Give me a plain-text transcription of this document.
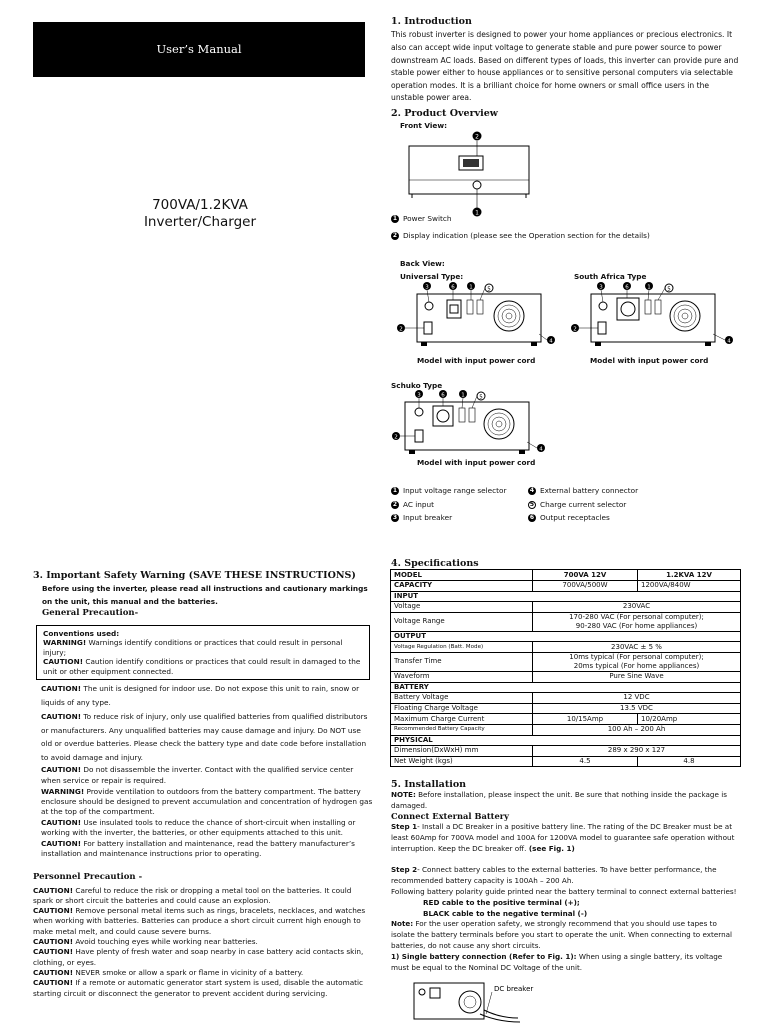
User’s Manual
700VA/1.2KVA
Inverter/Charger
3. Important Safety Warning (SAVE THESE INSTRUCTIONS)

Before using the inverter, please read all instructions and cautionary markings on the unit, this manual and the batteries.

General Precaution-
Conventions used:
WARNING! Warnings identify conditions or practices that could result in personal injury;
CAUTION! Caution identify conditions or practices that could result in damaged to the unit or other equipment connected.

CAUTION! The unit is designed for indoor use. Do not expose this unit to rain, snow or liquids of any type.

CAUTION! To reduce risk of injury, only use qualified batteries from qualified distributors or manufacturers. Any unqualified batteries may cause damage and injury. Do NOT use old or overdue batteries. Please check the battery type and date code before installation to avoid damage and injury.

CAUTION! Do not disassemble the inverter. Contact with the qualified service center when service or repair is required.

WARNING! Provide ventilation to outdoors from the battery compartment. The battery enclosure should be designed to prevent accumulation and concentration of hydrogen gas at the top of the compartment.

CAUTION! Use insulated tools to reduce the chance of short-circuit when installing or working with the inverter, the batteries, or other equipments attached to this unit.

CAUTION! For battery installation and maintenance, read the battery manufacturer’s installation and maintenance instructions prior to operating.

Personnel Precaution -

CAUTION! Careful to reduce the risk or dropping a metal tool on the batteries. It could spark or short circuit the batteries and could cause an explosion.

CAUTION! Remove personal metal items such as rings, bracelets, necklaces, and watches when working with batteries. Batteries can produce a short circuit current high enough to make metal melt, and could cause severe burns.

CAUTION! Avoid touching eyes while working near batteries.

CAUTION! Have plenty of fresh water and soap nearby in case battery acid contacts skin, clothing, or eyes.

CAUTION! NEVER smoke or allow a spark or flame in vicinity of a battery.

CAUTION! If a remote or automatic generator start system is used, disable the automatic starting circuit or disconnect the generator to prevent accident during servicing.

1. Introduction

This robust inverter is designed to power your home appliances or precious electronics. It also can accept wide input voltage to generate stable and pure power source to power downstream AC loads. Based on different types of loads, this inverter can provide pure and stable power either to house appliances or to sensitive personal computers via selectable operation modes. It is a brilliant choice for home owners or small office users in the unstable power area.

2. Product Overview
Front View:
2
1
1 Power Switch
2 Display indication (please see the Operation section for the details)
Back View:
Universal Type:	South Africa Type
3	6	1	5
2
4
3	6	1	5
2
4
Model with input power cord	Model with input power cord
Schuko Type
3	6	1	5
2
4
Model with input power cord
1 Input voltage range selector
2 AC input
3 Input breaker
4 External battery connector
5 Charge current selector
6 Output receptacles
4. Specifications
MODEL	700VA 12V	1.2KVA 12V
CAPACITY	700VA/500W	1200VA/840W
INPUT		
Voltage	230VAC	
Voltage Range	170-280 VAC (For personal computer);
90-280 VAC (For home appliances)	

OUTPUT		
Voltage Regulation (Batt. Mode)	230VAC ± 5 %	
Transfer Time	10ms typical (For personal computer);
20ms typical (For home appliances)	

Waveform	Pure Sine Wave	
BATTERY		
Battery Voltage	12 VDC	
Floating Charge Voltage	13.5 VDC	
Maximum Charge Current	10/15Amp	10/20Amp
Recommended Battery Capacity	100 Ah – 200 Ah	
PHYSICAL		
Dimension(DxWxH) mm	289 x 290 x 127	
Net Weight (kgs)	4.5	4.8
5. Installation

NOTE: Before installation, please inspect the unit. Be sure that nothing inside the package is damaged.

Connect External Battery

Step 1- Install a DC Breaker in a positive battery line. The rating of the DC Breaker must be at least 60Amp for 700VA model and 100A for 1200VA model to guarantee safe operation without interruption. Keep the DC breaker off. (see Fig. 1)

Step 2- Connect battery cables to the external batteries. To have better performance, the recommended battery capacity is 100Ah – 200 Ah.

Following battery polarity guide printed near the battery terminal to connect external batteries!

RED cable to the positive terminal (+);

BLACK cable to the negative terminal (-)

Note: For the user operation safety, we strongly recommend that you should use tapes to isolate the battery terminals before you start to operate the unit. When connecting to external batteries, do not cause any short circuits.

1) Single battery connection (Refer to Fig. 1): When using a single battery, its voltage must be equal to the Nominal DC Voltage of the unit.

DC breaker
